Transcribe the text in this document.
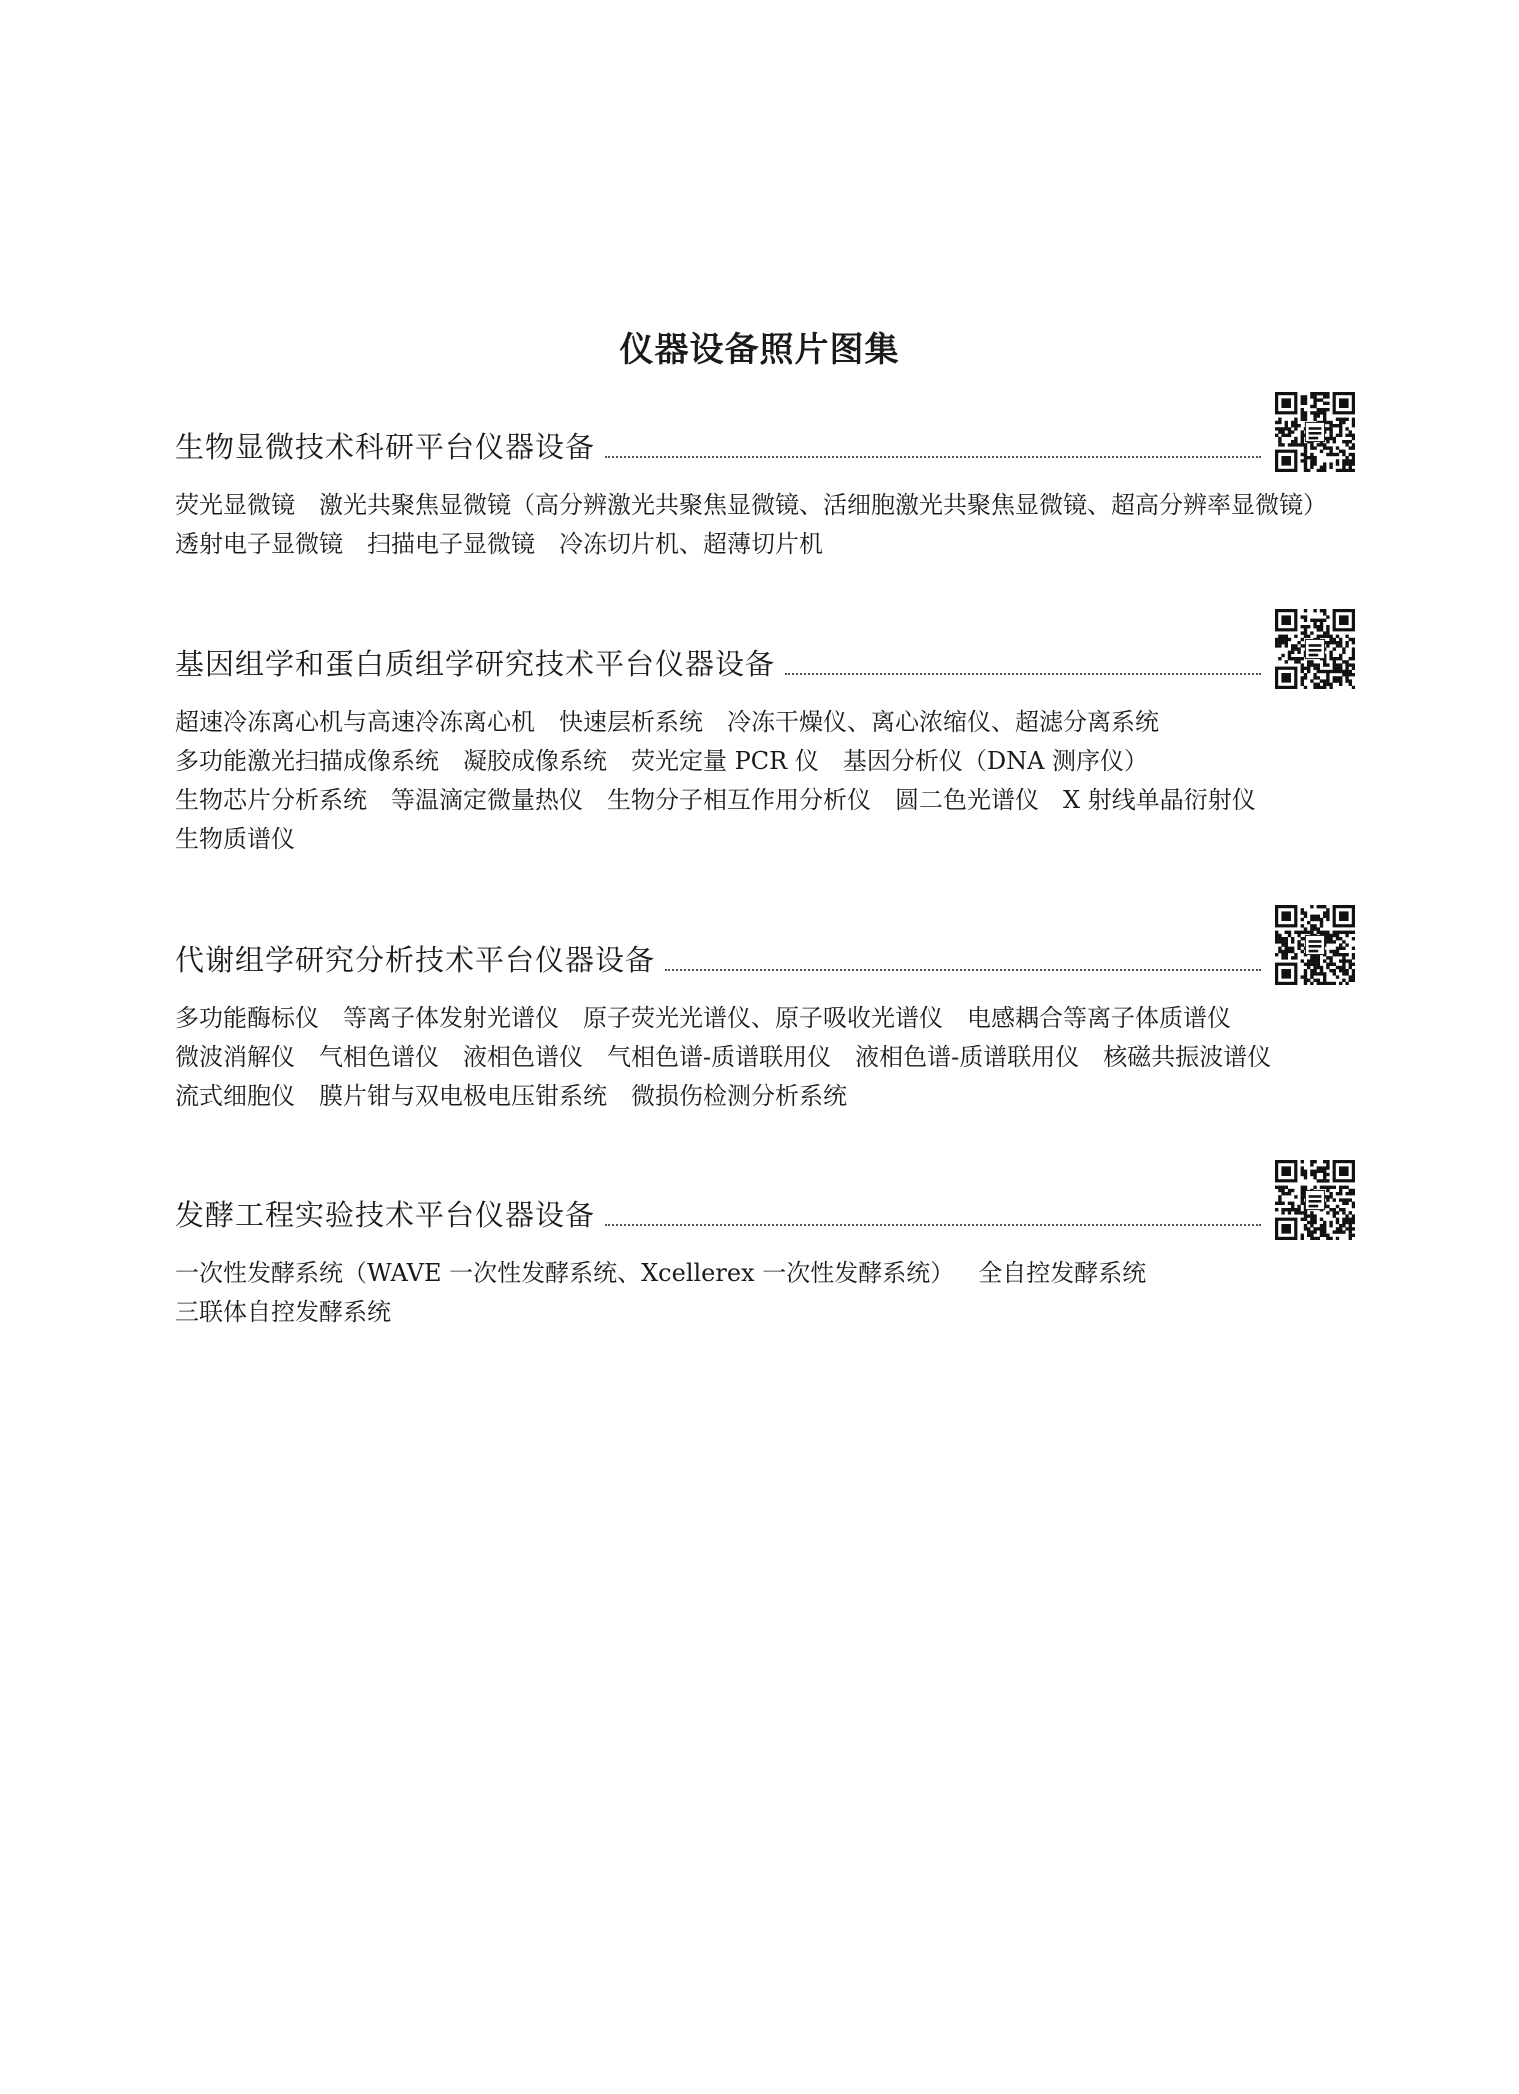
仪器设备照片图集
生物显微技术科研平台仪器设备
荧光显微镜 激光共聚焦显微镜（高分辨激光共聚焦显微镜、活细胞激光共聚焦显微镜、超高分辨率显微镜）
透射电子显微镜 扫描电子显微镜 冷冻切片机、超薄切片机
基因组学和蛋白质组学研究技术平台仪器设备
超速冷冻离心机与高速冷冻离心机 快速层析系统 冷冻干燥仪、离心浓缩仪、超滤分离系统
多功能激光扫描成像系统 凝胶成像系统 荧光定量 PCR 仪 基因分析仪（DNA 测序仪）
生物芯片分析系统 等温滴定微量热仪 生物分子相互作用分析仪 圆二色光谱仪 X 射线单晶衍射仪
生物质谱仪
代谢组学研究分析技术平台仪器设备
多功能酶标仪 等离子体发射光谱仪 原子荧光光谱仪、原子吸收光谱仪 电感耦合等离子体质谱仪
微波消解仪 气相色谱仪 液相色谱仪 气相色谱-质谱联用仪 液相色谱-质谱联用仪 核磁共振波谱仪
流式细胞仪 膜片钳与双电极电压钳系统 微损伤检测分析系统
发酵工程实验技术平台仪器设备
一次性发酵系统（WAVE 一次性发酵系统、Xcellerex 一次性发酵系统） 全自控发酵系统
三联体自控发酵系统
